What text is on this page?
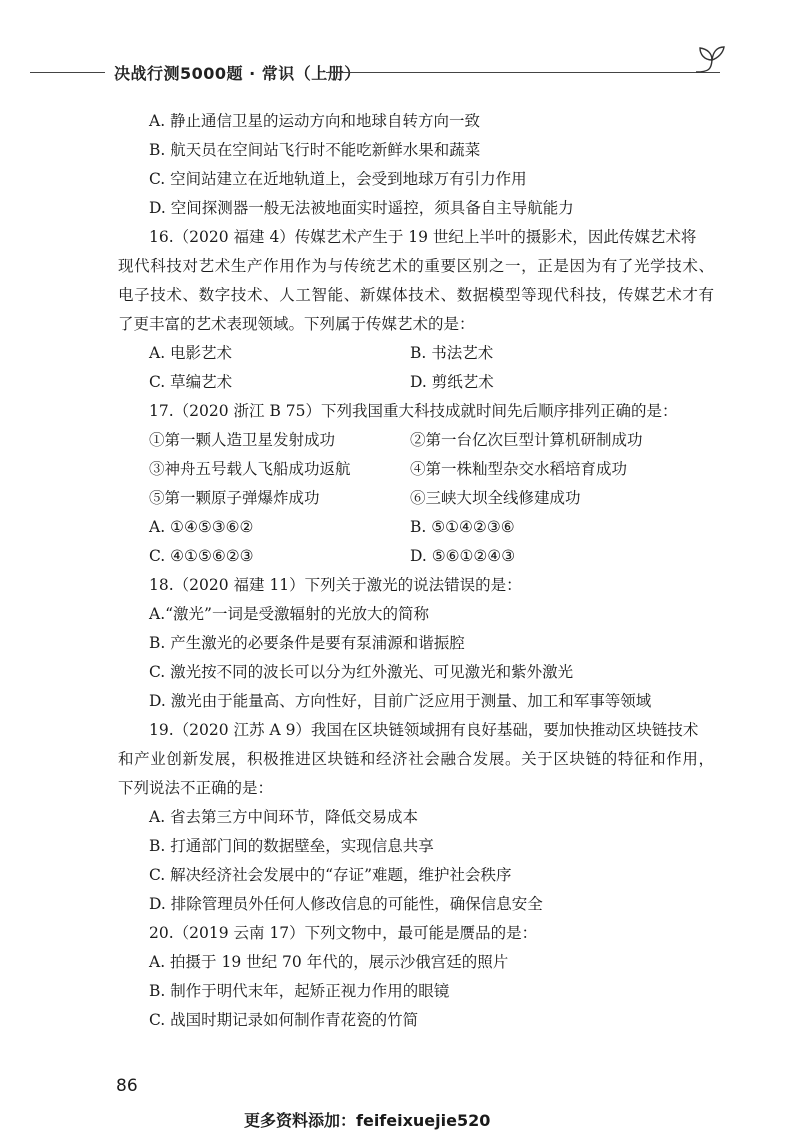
决战行测5000题 · 常识（上册）
A. 静止通信卫星的运动方向和地球自转方向一致
B. 航天员在空间站飞行时不能吃新鲜水果和蔬菜
C. 空间站建立在近地轨道上，会受到地球万有引力作用
D. 空间探测器一般无法被地面实时遥控，须具备自主导航能力
16.（2020 福建 4）传媒艺术产生于 19 世纪上半叶的摄影术，因此传媒艺术将
现代科技对艺术生产作用作为与传统艺术的重要区别之一，正是因为有了光学技术、
电子技术、数字技术、人工智能、新媒体技术、数据模型等现代科技，传媒艺术才有
了更丰富的艺术表现领域。下列属于传媒艺术的是：
A. 电影艺术	B. 书法艺术
C. 草编艺术	D. 剪纸艺术
17.（2020 浙江 B 75）下列我国重大科技成就时间先后顺序排列正确的是：
①第一颗人造卫星发射成功	②第一台亿次巨型计算机研制成功
③神舟五号载人飞船成功返航	④第一株籼型杂交水稻培育成功
⑤第一颗原子弹爆炸成功	⑥三峡大坝全线修建成功
A. ①④⑤③⑥②	B. ⑤①④②③⑥
C. ④①⑤⑥②③	D. ⑤⑥①②④③
18.（2020 福建 11）下列关于激光的说法错误的是：
A.“激光”一词是受激辐射的光放大的简称
B. 产生激光的必要条件是要有泵浦源和谐振腔
C. 激光按不同的波长可以分为红外激光、可见激光和紫外激光
D. 激光由于能量高、方向性好，目前广泛应用于测量、加工和军事等领域
19.（2020 江苏 A 9）我国在区块链领域拥有良好基础，要加快推动区块链技术
和产业创新发展，积极推进区块链和经济社会融合发展。关于区块链的特征和作用，
下列说法不正确的是：
A. 省去第三方中间环节，降低交易成本
B. 打通部门间的数据壁垒，实现信息共享
C. 解决经济社会发展中的“存证”难题，维护社会秩序
D. 排除管理员外任何人修改信息的可能性，确保信息安全
20.（2019 云南 17）下列文物中，最可能是赝品的是：
A. 拍摄于 19 世纪 70 年代的，展示沙俄宫廷的照片
B. 制作于明代末年，起矫正视力作用的眼镜
C. 战国时期记录如何制作青花瓷的竹简
86
更多资料添加：feifeixuejie520
